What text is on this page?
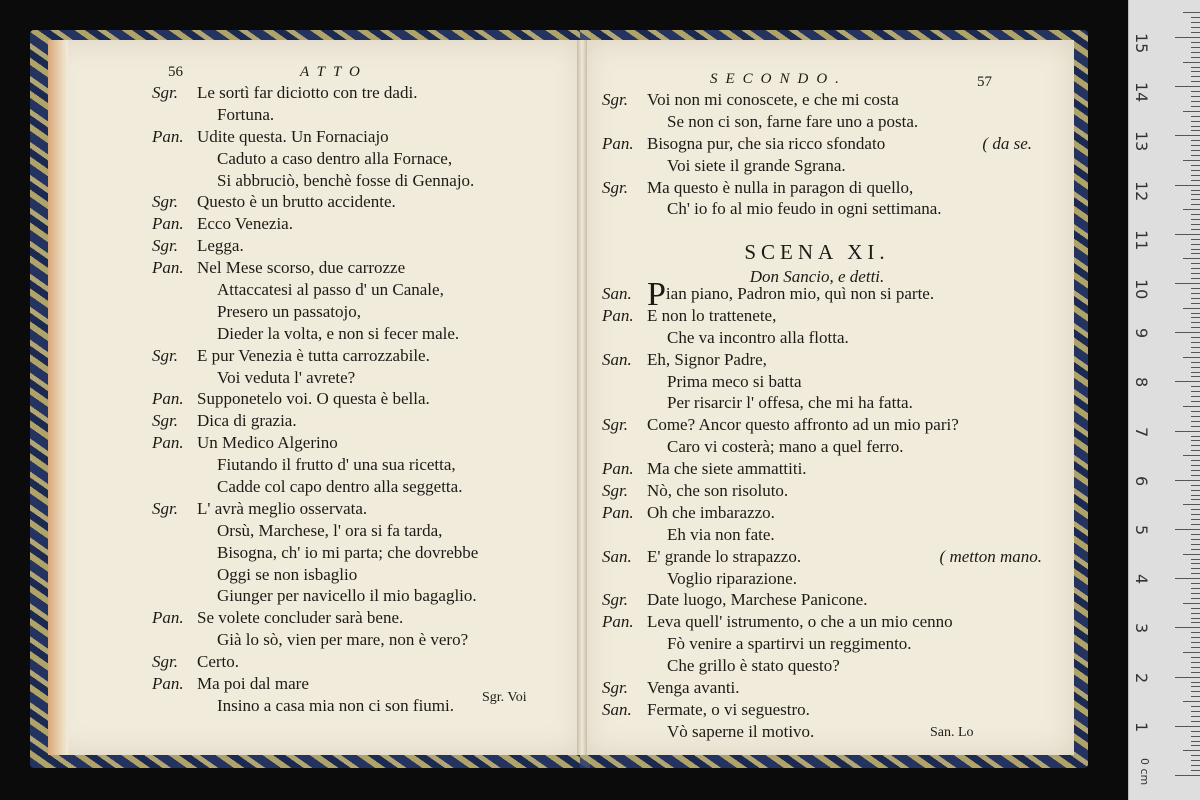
56	ATTO
Sgr. Le sortì far diciotto con tre dadi.
Fortuna.
Pan. Udite questa. Un Fornaciajo
Caduto a caso dentro alla Fornace,
Si abbruciò, benchè fosse di Gennajo.
Sgr. Questo è un brutto accidente.
Pan. Ecco Venezia.
Sgr. Legga.
Pan. Nel Mese scorso, due carrozze
Attaccatesi al passo d' un Canale,
Presero un passatojo,
Dieder la volta, e non si fecer male.
Sgr. E pur Venezia è tutta carrozzabile.
Voi veduta l' avrete?
Pan. Supponetelo voi. O questa è bella.
Sgr. Dica di grazia.
Pan. Un Medico Algerino
Fiutando il frutto d' una sua ricetta,
Cadde col capo dentro alla seggetta.
Sgr. L' avrà meglio osservata.
Orsù, Marchese, l' ora si fa tarda,
Bisogna, ch' io mi parta; che dovrebbe
Oggi se non isbaglio
Giunger per navicello il mio bagaglio.
Pan. Se volete concluder sarà bene.
Già lo sò, vien per mare, non è vero?
Sgr. Certo.
Pan. Ma poi dal mare
Insino a casa mia non ci son fiumi.	Sgr. Voi
SECONDO.	57
Sgr. Voi non mi conoscete, e che mi costa
Se non ci son, farne fare uno a posta.
Pan. Bisogna pur, che sia ricco sfondato	( da se.
Voi siete il grande Sgrana.
Sgr. Ma questo è nulla in paragon di quello,
Ch' io fo al mio feudo in ogni settimana.
SCENA XI.
Don Sancio, e detti.
San. Pian piano, Padron mio, quì non si parte.
Pan. E non lo trattenete,
Che va incontro alla flotta.
San. Eh, Signor Padre,
Prima meco si batta
Per risarcir l' offesa, che mi ha fatta.
Sgr. Come? Ancor questo affronto ad un mio pari?
Caro vi costerà; mano a quel ferro.
Pan. Ma che siete ammattiti.
Sgr. Nò, che son risoluto.
Pan. Oh che imbarazzo.
Eh via non fate.
San. E' grande lo strapazzo.	( metton mano.
Voglio riparazione.
Sgr. Date luogo, Marchese Panicone.
Pan. Leva quell' istrumento, o che a un mio cenno
Fò venire a spartirvi un reggimento.
Che grillo è stato questo?
Sgr. Venga avanti.
San. Fermate, o vi seguestro.
Vò saperne il motivo.	San. Lo
0 cm
1
2
3
4
5
6
7
8
9
10
11
12
13
14
15
